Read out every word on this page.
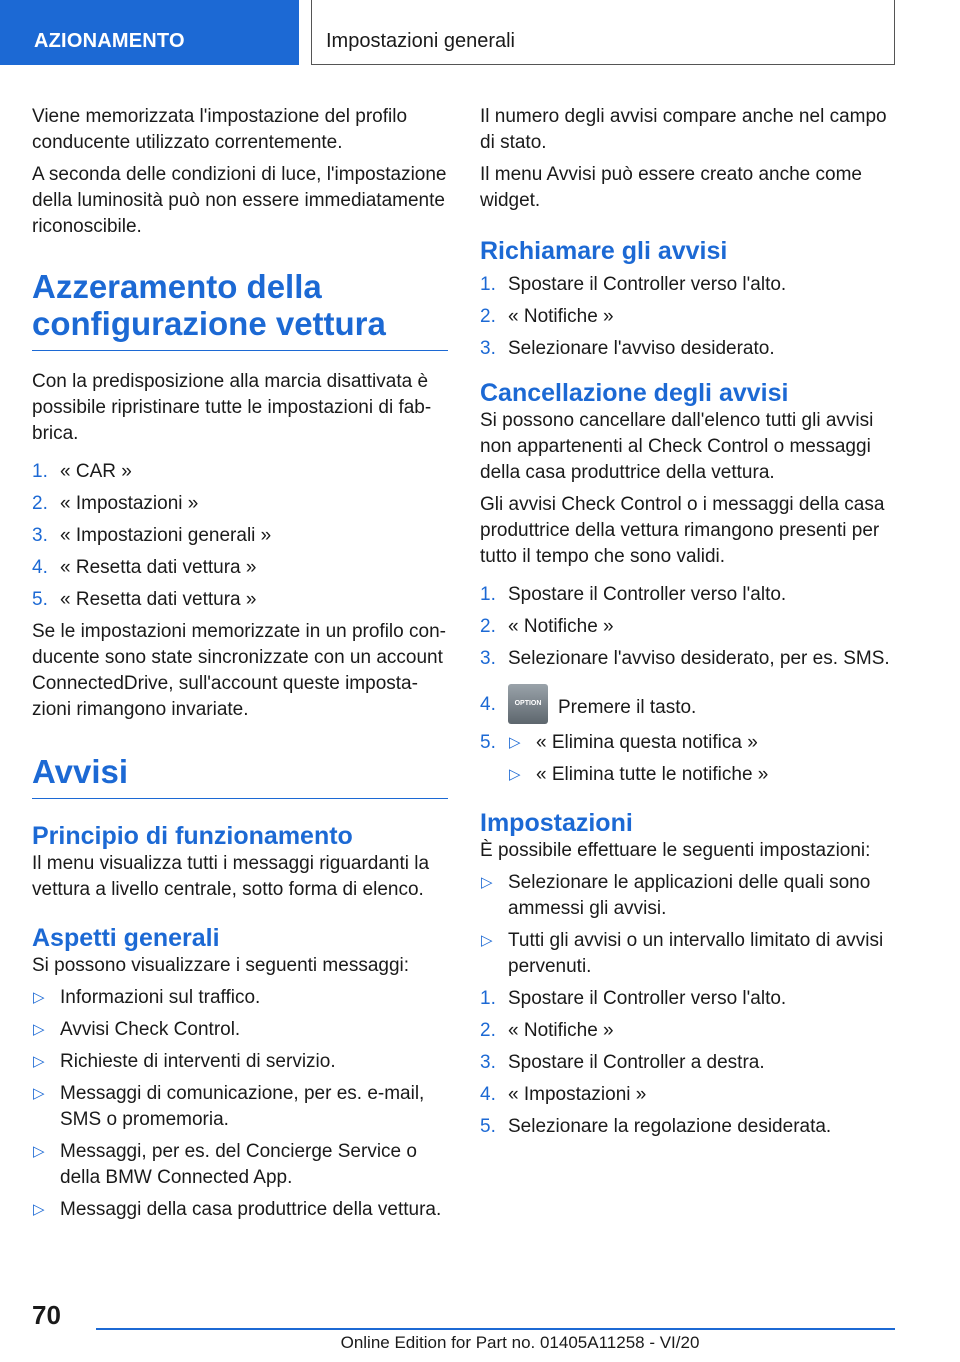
AZIONAMENTO	Impostazioni generali

Viene memorizzata l'impostazione del profilo conducente utilizzato correntemente.

A seconda delle condizioni di luce, l'impostazione della luminosità può non essere immediatamente riconoscibile.

Azzeramento della configurazione vettura

Con la predisposizione alla marcia disattivata è possibile ripristinare tutte le impostazioni di fab-brica.

1. « CAR »
2. « Impostazioni »
3. « Impostazioni generali »
4. « Resetta dati vettura »
5. « Resetta dati vettura »

Se le impostazioni memorizzate in un profilo con-ducente sono state sincronizzate con un account ConnectedDrive, sull'account queste imposta-zioni rimangono invariate.

Avvisi
Principio di funzionamento

Il menu visualizza tutti i messaggi riguardanti la vettura a livello centrale, sotto forma di elenco.

Aspetti generali

Si possono visualizzare i seguenti messaggi:

▷ Informazioni sul traffico.
▷ Avvisi Check Control.
▷ Richieste di interventi di servizio.
▷ Messaggi di comunicazione, per es. e-mail, SMS o promemoria.
▷ Messaggi, per es. del Concierge Service o della BMW Connected App.
▷ Messaggi della casa produttrice della vettura.

Il numero degli avvisi compare anche nel campo di stato.

Il menu Avvisi può essere creato anche come widget.

Richiamare gli avvisi
1. Spostare il Controller verso l'alto.
2. « Notifiche »
3. Selezionare l'avviso desiderato.
Cancellazione degli avvisi

Si possono cancellare dall'elenco tutti gli avvisi non appartenenti al Check Control o messaggi della casa produttrice della vettura.

Gli avvisi Check Control o i messaggi della casa produttrice della vettura rimangono presenti per tutto il tempo che sono validi.

1. Spostare il Controller verso l'alto.
2. « Notifiche »
3. Selezionare l'avviso desiderato, per es. SMS.
4.	OPTION Premere il tasto.
5. ▷ « Elimina questa notifica »
▷ « Elimina tutte le notifiche »
Impostazioni

È possibile effettuare le seguenti impostazioni:

▷ Selezionare le applicazioni delle quali sono ammessi gli avvisi.
▷ Tutti gli avvisi o un intervallo limitato di avvisi pervenuti.
1. Spostare il Controller verso l'alto.
2. « Notifiche »
3. Spostare il Controller a destra.
4. « Impostazioni »
5. Selezionare la regolazione desiderata.
70
Online Edition for Part no. 01405A11258 - VI/20
